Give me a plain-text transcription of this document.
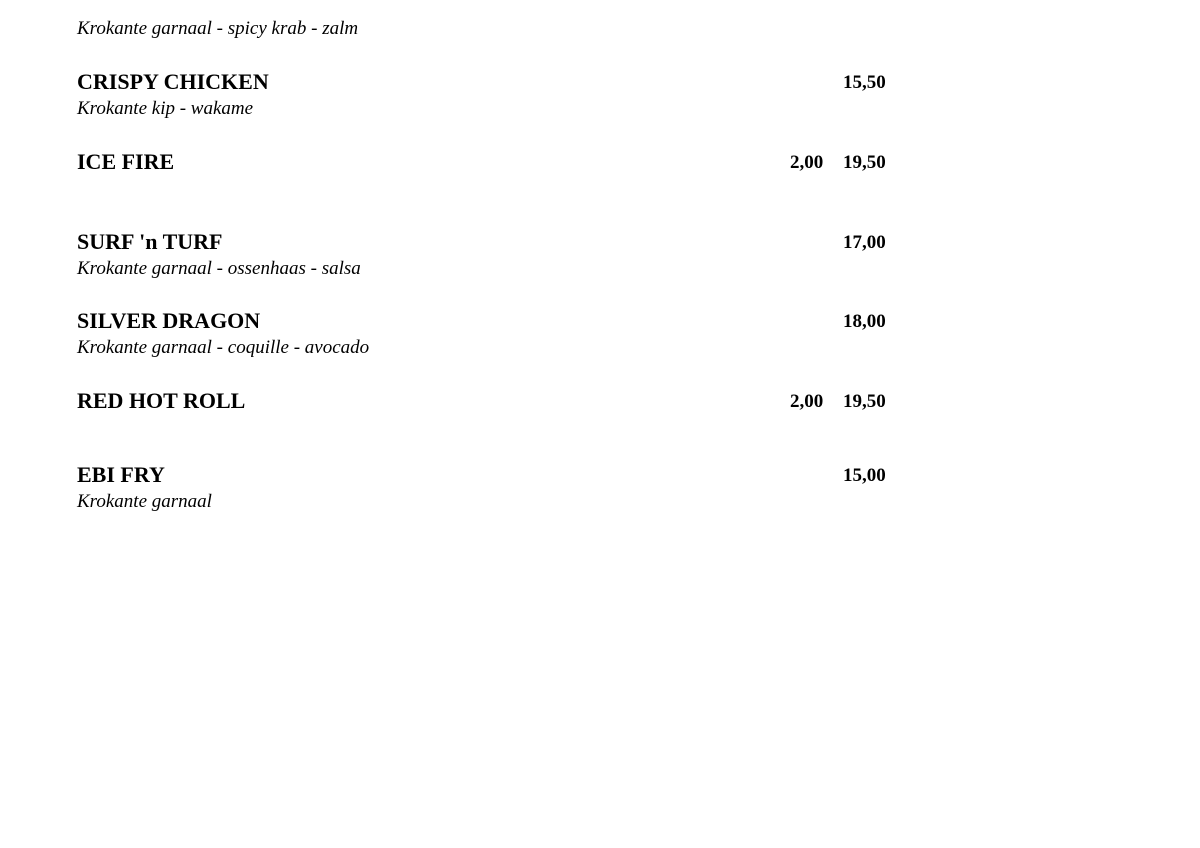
Krokante garnaal - spicy krab - zalm
CRISPY CHICKEN	15,50
Krokante kip - wakame
ICE FIRE	2,00 19,50
SURF 'n TURF	17,00
Krokante garnaal - ossenhaas - salsa
SILVER DRAGON	18,00
Krokante garnaal - coquille - avocado
RED HOT ROLL	2,00 19,50
EBI FRY	15,00
Krokante garnaal
